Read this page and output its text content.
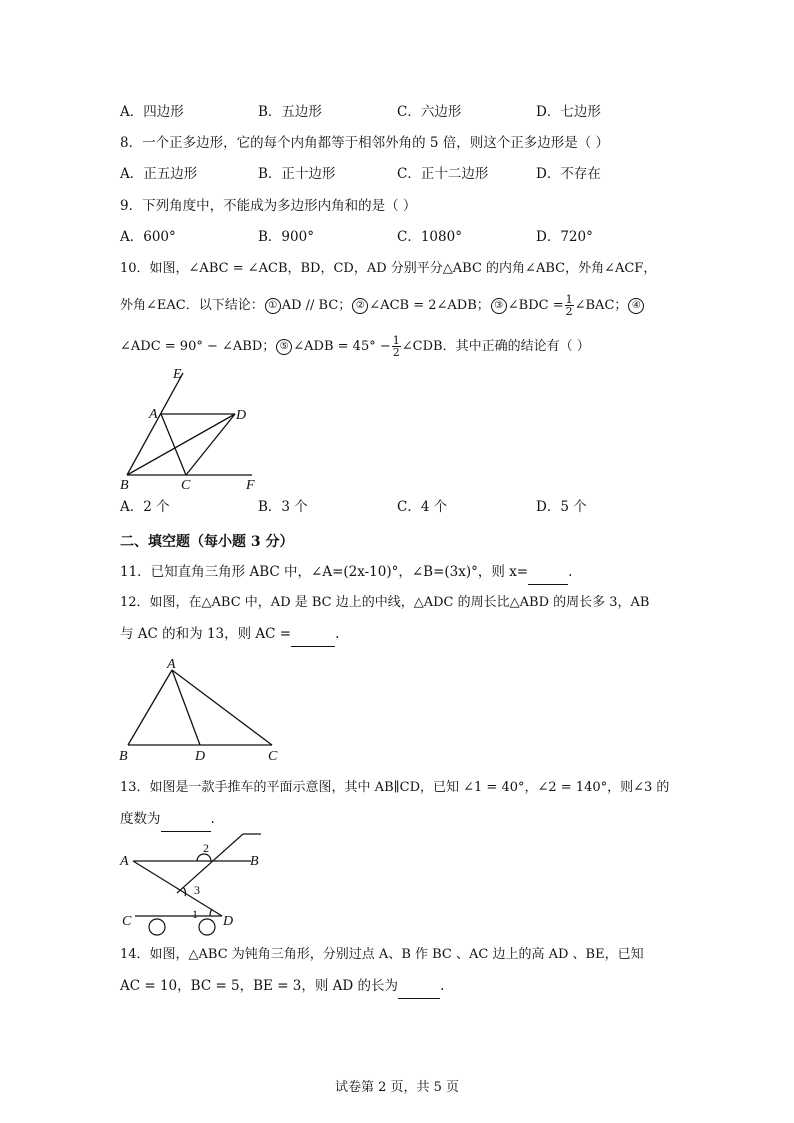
A．四边形	B．五边形	C．六边形	D．七边形
8．一个正多边形，它的每个内角都等于相邻外角的 5 倍，则这个正多边形是（ ）
A．正五边形	B．正十边形	C．正十二边形	D．不存在
9．下列角度中，不能成为多边形内角和的是（ ）
A．600°	B．900°	C．1080°	D．720°
10．如图，∠ABC = ∠ACB，BD，CD，AD 分别平分△ABC 的内角∠ABC，外角∠ACF，
外角∠EAC．以下结论： ① AD // BC； ② ∠ACB = 2∠ADB； ③ ∠BDC = $\frac{1}{2}$ ∠BAC； ④
∠ADC = 90° − ∠ABD； ⑤ ∠ADB = $45^\circ - \frac{1}{2}$ ∠CDB．其中正确的结论有（ ）
E
A	D
B	C	F
A．2 个	B．3 个	C．4 个	D．5 个
二、填空题（每小题 3 分）
11．已知直角三角形 ABC 中，∠A=(2x-10)°，∠B=(3x)°，则 x=	.
12．如图，在△ABC 中，AD 是 BC 边上的中线，△ADC 的周长比△ABD 的周长多 3，AB
与 AC 的和为 13，则 AC =	.
A
B	D	C
13．如图是一款手推车的平面示意图，其中 AB∥CD，已知 ∠1 = 40°，∠2 = 140°，则∠3 的
度数为	.
2
3
1
A	B
C	D
14．如图，△ABC 为钝角三角形，分别过点 A、B 作 BC 、AC 边上的高 AD 、BE，已知
AC = 10，BC = 5，BE = 3，则 AD 的长为	.
试卷第 2 页，共 5 页
